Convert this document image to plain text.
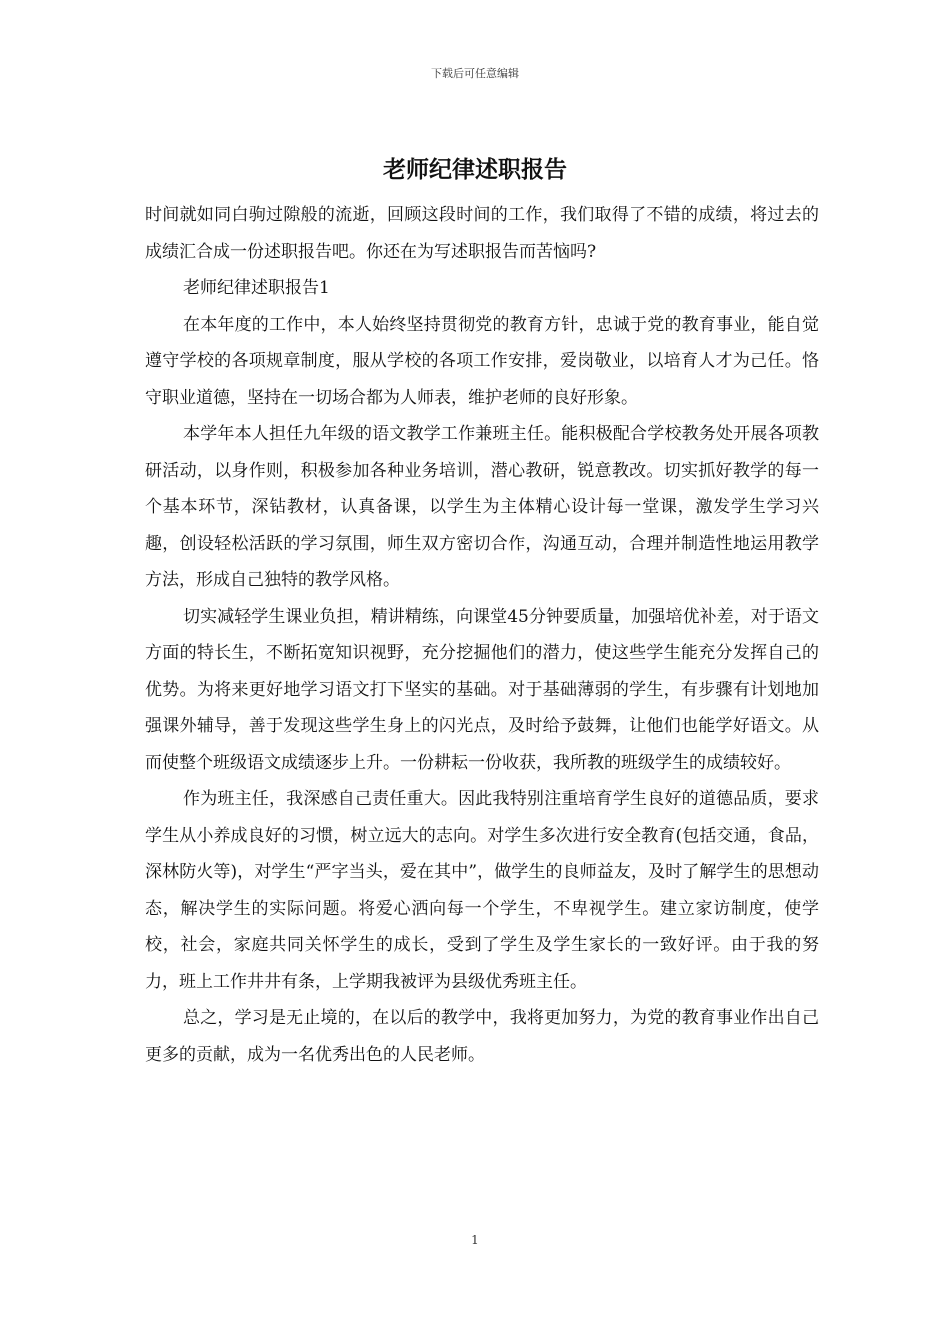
下载后可任意编辑
老师纪律述职报告

时间就如同白驹过隙般的流逝，回顾这段时间的工作，我们取得了不错的成绩，将过去的成绩汇合成一份述职报告吧。你还在为写述职报告而苦恼吗?

老师纪律述职报告1

在本年度的工作中，本人始终坚持贯彻党的教育方针，忠诚于党的教育事业，能自觉遵守学校的各项规章制度，服从学校的各项工作安排，爱岗敬业，以培育人才为己任。恪守职业道德，坚持在一切场合都为人师表，维护老师的良好形象。

本学年本人担任九年级的语文教学工作兼班主任。能积极配合学校教务处开展各项教研活动，以身作则，积极参加各种业务培训，潜心教研，锐意教改。切实抓好教学的每一个基本环节，深钻教材，认真备课，以学生为主体精心设计每一堂课，激发学生学习兴趣，创设轻松活跃的学习氛围，师生双方密切合作，沟通互动，合理并制造性地运用教学方法，形成自己独特的教学风格。

切实减轻学生课业负担，精讲精练，向课堂45分钟要质量，加强培优补差，对于语文方面的特长生，不断拓宽知识视野，充分挖掘他们的潜力，使这些学生能充分发挥自己的优势。为将来更好地学习语文打下坚实的基础。对于基础薄弱的学生，有步骤有计划地加强课外辅导，善于发现这些学生身上的闪光点，及时给予鼓舞，让他们也能学好语文。从而使整个班级语文成绩逐步上升。一份耕耘一份收获，我所教的班级学生的成绩较好。

作为班主任，我深感自己责任重大。因此我特别注重培育学生良好的道德品质，要求学生从小养成良好的习惯，树立远大的志向。对学生多次进行安全教育(包括交通，食品，深林防火等)，对学生“严字当头，爱在其中”，做学生的良师益友，及时了解学生的思想动态，解决学生的实际问题。将爱心洒向每一个学生，不卑视学生。建立家访制度，使学校，社会，家庭共同关怀学生的成长，受到了学生及学生家长的一致好评。由于我的努力，班上工作井井有条，上学期我被评为县级优秀班主任。

总之，学习是无止境的，在以后的教学中，我将更加努力，为党的教育事业作出自己更多的贡献，成为一名优秀出色的人民老师。

1
